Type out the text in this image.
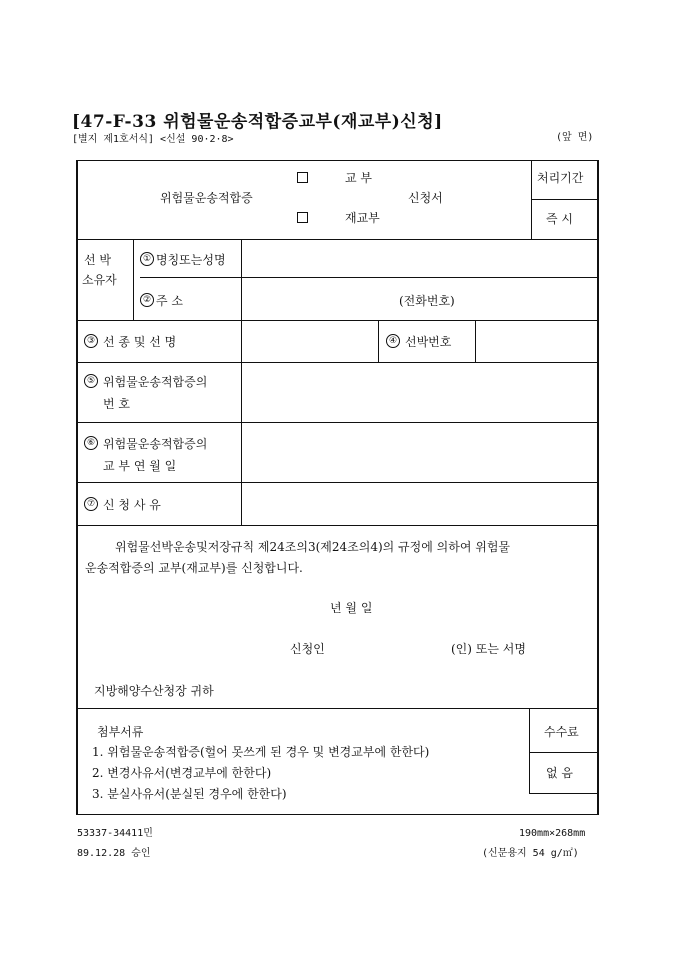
[47-F-33 위험물운송적합증교부(재교부)신청]
[별지 제1호서식] <신설 90·2·8>	(앞 면)
위험물운송적합증
교 부
재교부
신청서
처리기간
즉 시
선 박
소유자
① 명칭또는성명
② 주 소	(전화번호)
③ 선 종 및 선 명	④ 선박번호
⑤ 위험물운송적합증의
번 호
⑥ 위험물운송적합증의
교 부 연 월 일
⑦ 신 청 사 유
위험물선박운송및저장규칙 제24조의3(제24조의4)의 규정에 의하여 위험물
운송적합증의 교부(재교부)를 신청합니다.
년 월 일
신청인	(인) 또는 서명
지방해양수산청장 귀하
첨부서류
1. 위험물운송적합증(헐어 못쓰게 된 경우 및 변경교부에 한한다)
2. 변경사유서(변경교부에 한한다)
3. 분실사유서(분실된 경우에 한한다)
수수료
없 음
53337-34411민
89.12.28 승인
190mm×268mm
(신문용지 54 g/㎡)
